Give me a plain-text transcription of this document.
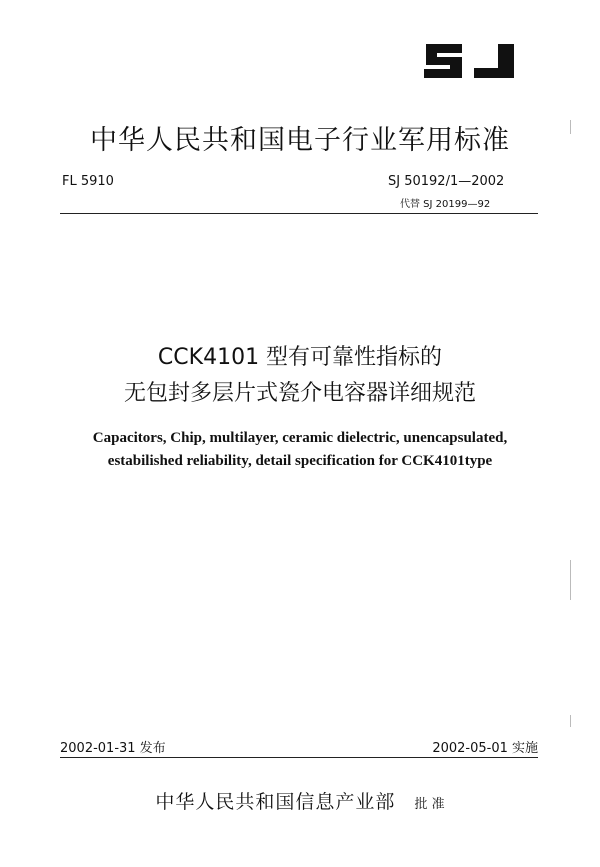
中华人民共和国电子行业军用标准
FL 5910	SJ 50192/1—2002
代替 SJ 20199—92
CCK4101 型有可靠性指标的
无包封多层片式瓷介电容器详细规范
Capacitors, Chip, multilayer, ceramic dielectric, unencapsulated,
estabilished reliability, detail specification for CCK4101type
2002-01-31 发布	2002-05-01 实施
中华人民共和国信息产业部 批 准
